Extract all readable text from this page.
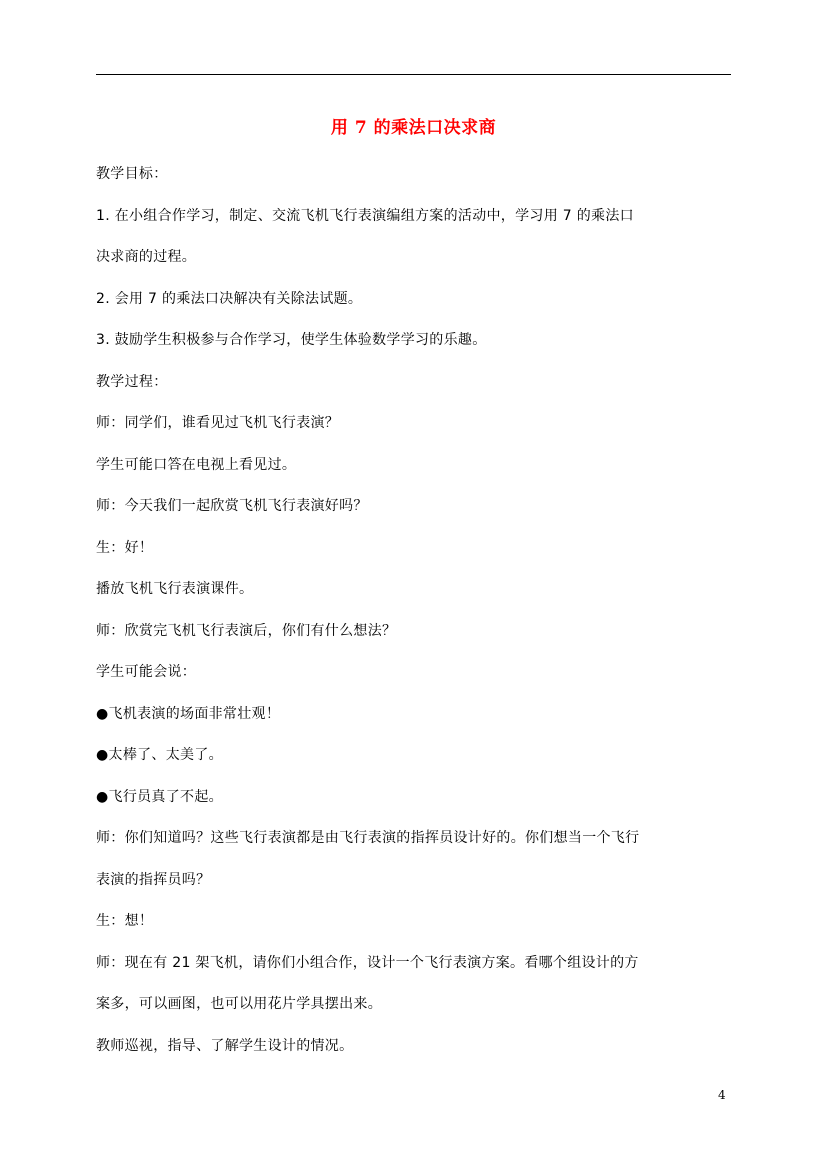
用 7 的乘法口决求商
教学目标：
1. 在小组合作学习，制定、交流飞机飞行表演编组方案的活动中，学习用 7 的乘法口
决求商的过程。
2. 会用 7 的乘法口决解决有关除法试题。
3. 鼓励学生积极参与合作学习，使学生体验数学学习的乐趣。
教学过程：
师：同学们，谁看见过飞机飞行表演？
学生可能口答在电视上看见过。
师：今天我们一起欣赏飞机飞行表演好吗？
生：好！
播放飞机飞行表演课件。
师：欣赏完飞机飞行表演后，你们有什么想法？
学生可能会说：
●飞机表演的场面非常壮观！
●太棒了、太美了。
●飞行员真了不起。
师：你们知道吗？这些飞行表演都是由飞行表演的指挥员设计好的。你们想当一个飞行
表演的指挥员吗？
生：想！
师：现在有 21 架飞机，请你们小组合作，设计一个飞行表演方案。看哪个组设计的方
案多，可以画图，也可以用花片学具摆出来。
教师巡视，指导、了解学生设计的情况。
4
